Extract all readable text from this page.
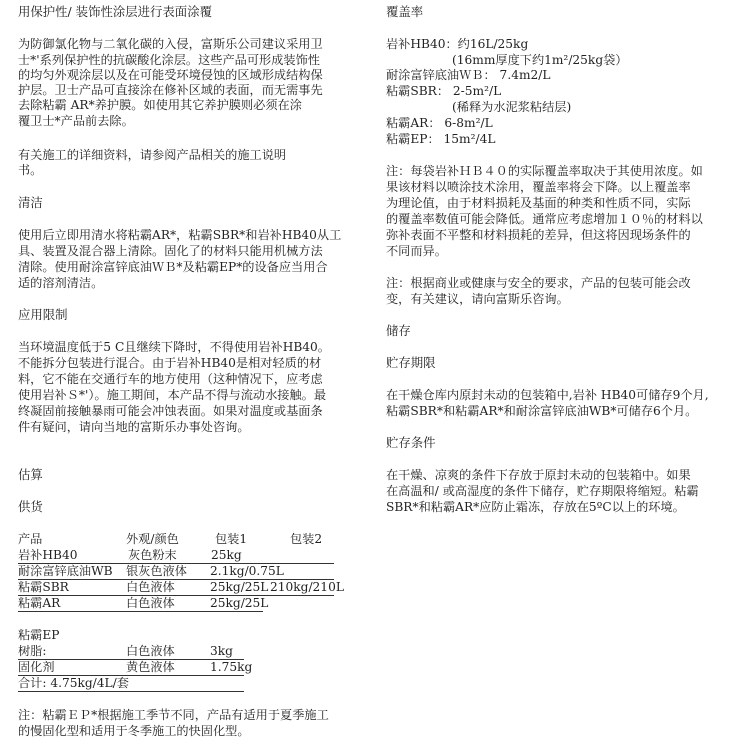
用保护性/ 装饰性涂层进行表面涂覆
为防御氯化物与二氧化碳的入侵，富斯乐公司建议采用卫
士*'系列保护性的抗碳酸化涂层。这些产品可形成装饰性
的均匀外观涂层以及在可能受环境侵蚀的区域形成结构保
护层。卫士产品可直接涂在修补区域的表面，而无需事先
去除粘霸 AR*养护膜。如使用其它养护膜则必须在涂
覆卫士*产品前去除。
有关施工的详细资料，请参阅产品相关的施工说明
书。
清洁
使用后立即用清水将粘霸AR*，粘霸SBR*和岩补HB40从工
具、装置及混合器上清除。固化了的材料只能用机械方法
清除。使用耐涂富锌底油ＷＢ*及粘霸EP*的设备应当用合
适的溶剂清洁。
应用限制
当环境温度低于5 C且继续下降时，不得使用岩补HB40。
不能拆分包装进行混合。由于岩补HB40是相对轻质的材
料，它不能在交通行车的地方使用（这种情况下，应考虑
使用岩补Ｓ*'）。施工期间，本产品不得与流动水接触。最
终凝固前接触暴雨可能会冲蚀表面。如果对温度或基面条
件有疑问，请向当地的富斯乐办事处咨询。
估算
供货
产品	外观/颜色	包装1	包装2
岩补HB40	灰色粉末	25kg
耐涂富锌底油WB 银灰色液体 2.1kg/0.75L
粘霸SBR	白色液体	25kg/25L 210kg/210L
粘霸AR	白色液体	25kg/25L
粘霸EP
树脂:	白色液体	3kg
固化剂	黄色液体	1.75kg
合计: 4.75kg/4L/套
注：粘霸ＥＰ*根据施工季节不同，产品有适用于夏季施工
的慢固化型和适用于冬季施工的快固化型。
覆盖率
岩补HB40：约16L/25kg
(16mm厚度下约1m²/25kg袋）
耐涂富锌底油ＷＢ： 7.4m2/L
粘霸SBR： 2-5m²/L
(稀释为水泥浆粘结层)
粘霸AR： 6-8m²/L
粘霸EP： 15m²/4L
注：每袋岩补ＨＢ４０的实际覆盖率取决于其使用浓度。如
果该材料以喷涂技术涂用，覆盖率将会下降。以上覆盖率
为理论值，由于材料损耗及基面的种类和性质不同，实际
的覆盖率数值可能会降低。通常应考虑增加１０％的材料以
弥补表面不平整和材料损耗的差异，但这将因现场条件的
不同而异。
注：根据商业或健康与安全的要求，产品的包装可能会改
变，有关建议，请向富斯乐咨询。
储存
贮存期限
在干燥仓库内原封未动的包装箱中,岩补 HB40可储存9个月,
粘霸SBR*和粘霸AR*和耐涂富锌底油WB*可储存6个月。
贮存条件
在干燥、凉爽的条件下存放于原封未动的包装箱中。如果
在高温和/ 或高湿度的条件下储存，贮存期限将缩短。粘霸
SBR*和粘霸AR*应防止霜冻，存放在5ºC以上的环境。
